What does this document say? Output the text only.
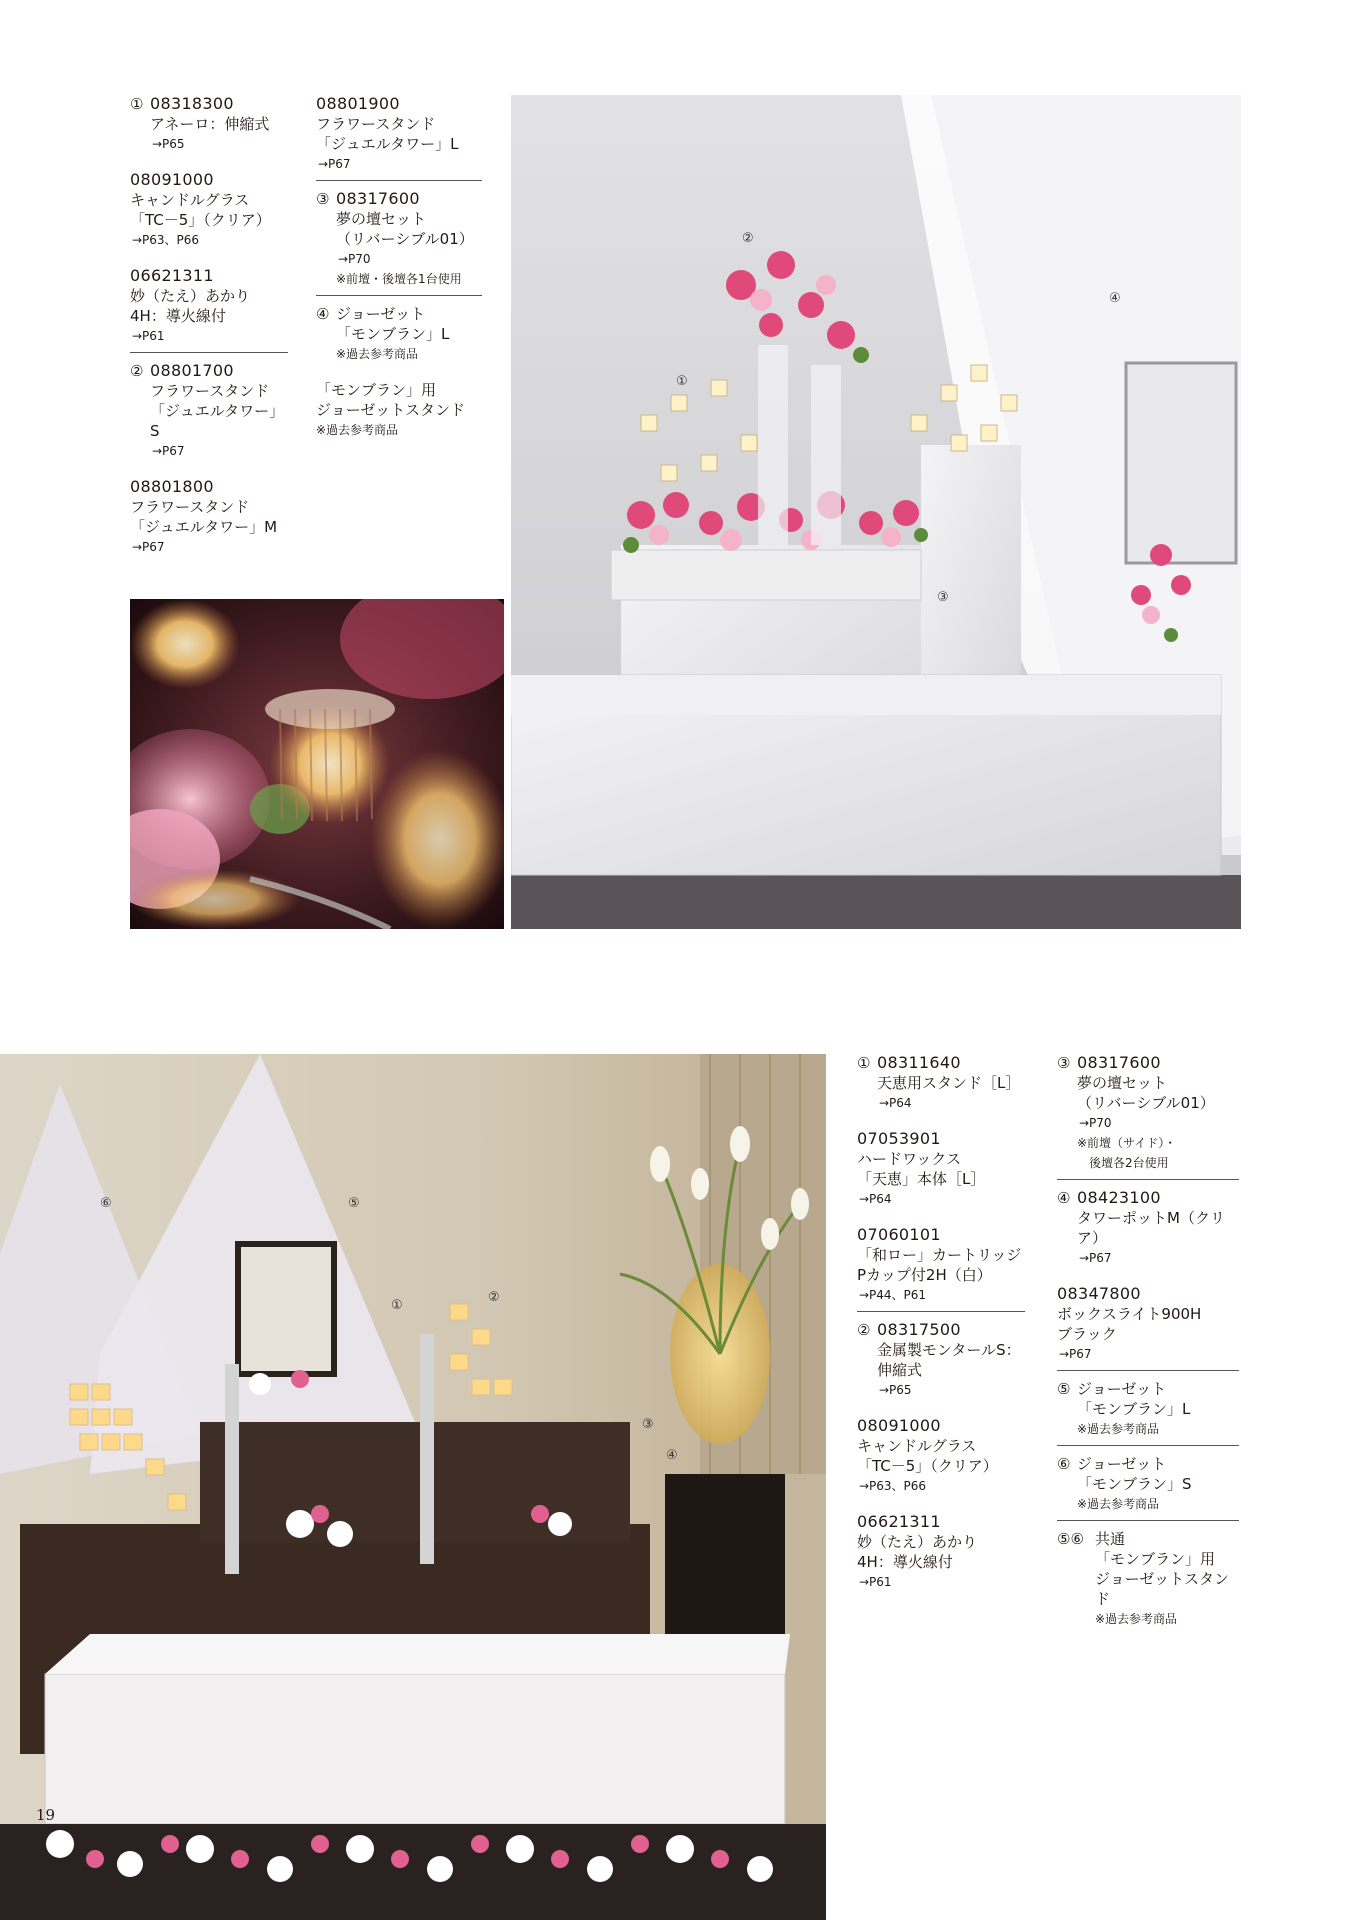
① 08318300
アネーロ：伸縮式
→P65
08091000
キャンドルグラス
「TC－5」（クリア）
→P63、P66
06621311
妙（たえ）あかり
4H：導火線付
→P61
② 08801700
フラワースタンド
「ジュエルタワー」S
→P67
08801800
フラワースタンド
「ジュエルタワー」M
→P67
08801900
フラワースタンド
「ジュエルタワー」L
→P67
③ 08317600
夢の壇セット
（リバーシブル01）
→P70
※前壇・後壇各1台使用
④ ジョーゼット
「モンブラン」L
※過去参考商品
「モンブラン」用
ジョーゼットスタンド
※過去参考商品
①
②
③
④
⑥	⑤
①
②
③
④
19
① 08311640
天恵用スタンド［L］
→P64
07053901
ハードワックス
「天恵」本体［L］
→P64
07060101
「和ロー」カートリッジ
Pカップ付2H（白）
→P44、P61
② 08317500
金属製モンタールS：
伸縮式
→P65
08091000
キャンドルグラス
「TC－5」（クリア）
→P63、P66
06621311
妙（たえ）あかり
4H：導火線付
→P61
③ 08317600
夢の壇セット
（リバーシブル01）
→P70
※前壇（サイド）・
　後壇各2台使用
④ 08423100
タワーポットM（クリア）
→P67
08347800
ボックスライト900H
ブラック
→P67
⑤ ジョーゼット
「モンブラン」L
※過去参考商品
⑥ ジョーゼット
「モンブラン」S
※過去参考商品
⑤⑥ 共通
「モンブラン」用
ジョーゼットスタンド
※過去参考商品
